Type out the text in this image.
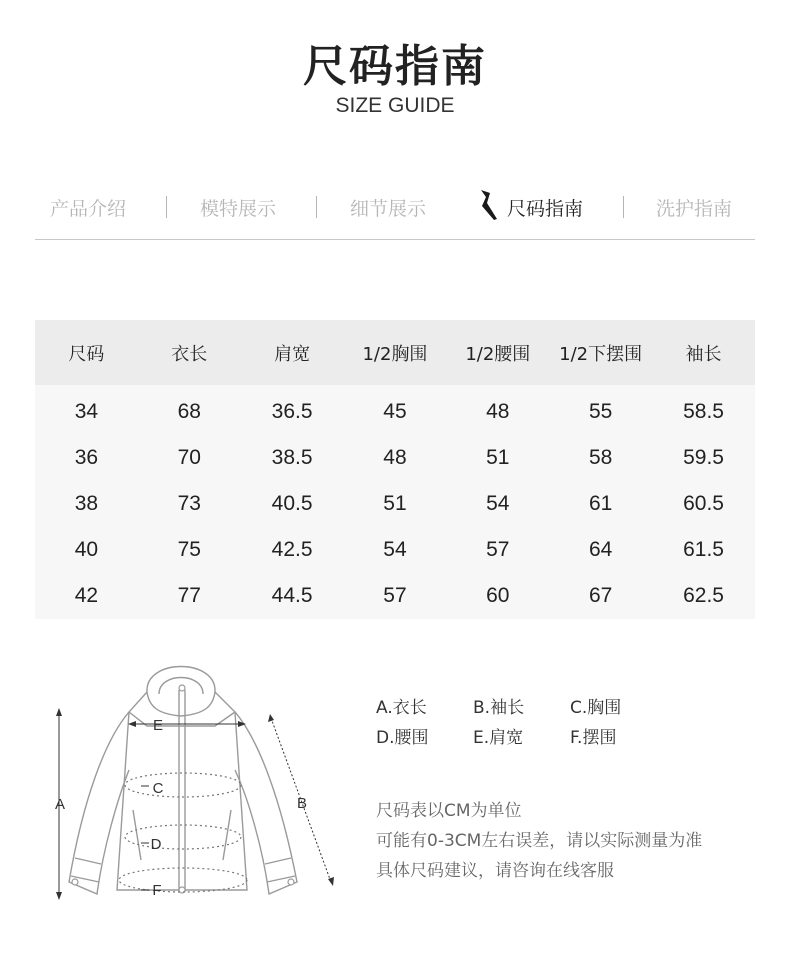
尺码指南
SIZE GUIDE
产品介绍	模特展示	细节展示	尺码指南	洗护指南
尺码	衣长	肩宽	1/2胸围	1/2腰围	1/2下摆围	袖长
34	68	36.5	45	48	55	58.5
36	70	38.5	48	51	58	59.5
38	73	40.5	51	54	61	60.5
40	75	42.5	54	57	64	61.5
42	77	44.5	57	60	67	62.5
A	B
C
D
E
F
A.衣长	B.袖长	C.胸围
D.腰围	E.肩宽	F.摆围
尺码表以CM为单位
可能有0-3CM左右误差，请以实际测量为准
具体尺码建议，请咨询在线客服
